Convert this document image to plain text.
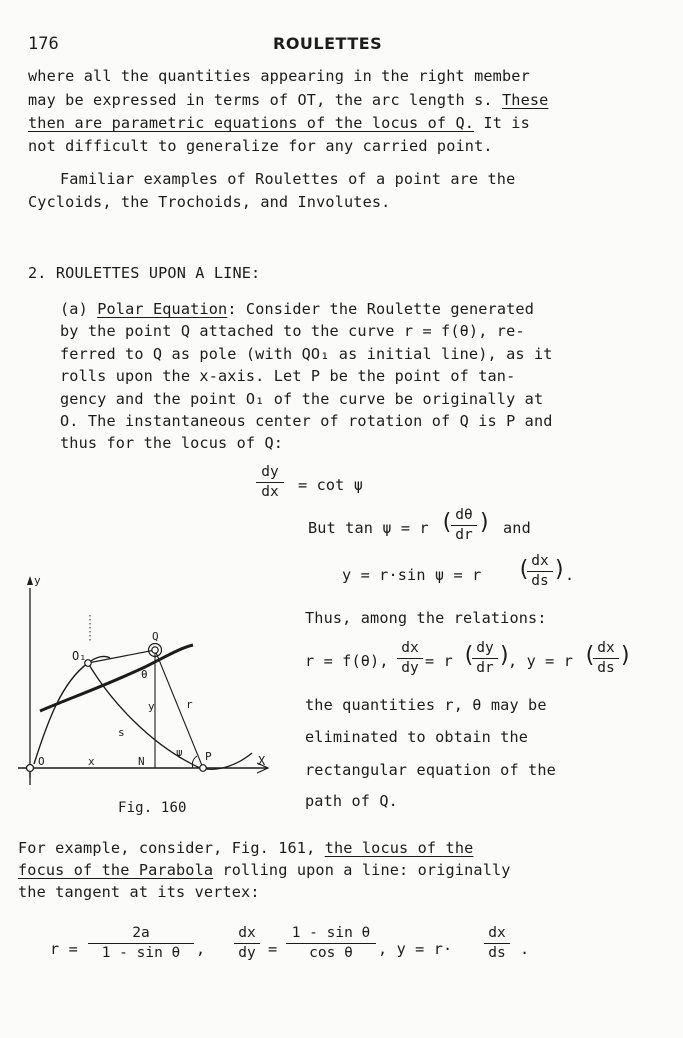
176	ROULETTES
where all the quantities appearing in the right member
may be expressed in terms of OT, the arc length s. These
then are parametric equations of the locus of Q. It is
not difficult to generalize for any carried point.
Familiar examples of Roulettes of a point are the
Cycloids, the Trochoids, and Involutes.
2. ROULETTES UPON A LINE:
(a) Polar Equation: Consider the Roulette generated
by the point Q attached to the curve r = f(θ), re-
ferred to Q as pole (with QO₁ as initial line), as it
rolls upon the x-axis. Let P be the point of tan-
gency and the point O₁ of the curve be originally at
O. The instantaneous center of rotation of Q is P and
thus for the locus of Q:
dy
dx	= cot ψ
But tan ψ = r ( dθ
dr ) and
y = r·sin ψ = r ( dx
ds )
.
Thus, among the relations:
r = f(θ),
dx
dy = r ( dy
dr )
, y = r ( dx
ds )
the quantities r, θ may be
eliminated to obtain the
rectangular equation of the
path of Q.
y
O₁
Q
θ
y	r
s
ψ P
O	x	N	X
Fig. 160
For example, consider, Fig. 161, the locus of the
focus of the Parabola rolling upon a line: originally
the tangent at its vertex:
r =
2a
1 - sin θ	,
dx
dy =
1 - sin θ
cos θ	, y = r·
dx
ds .
